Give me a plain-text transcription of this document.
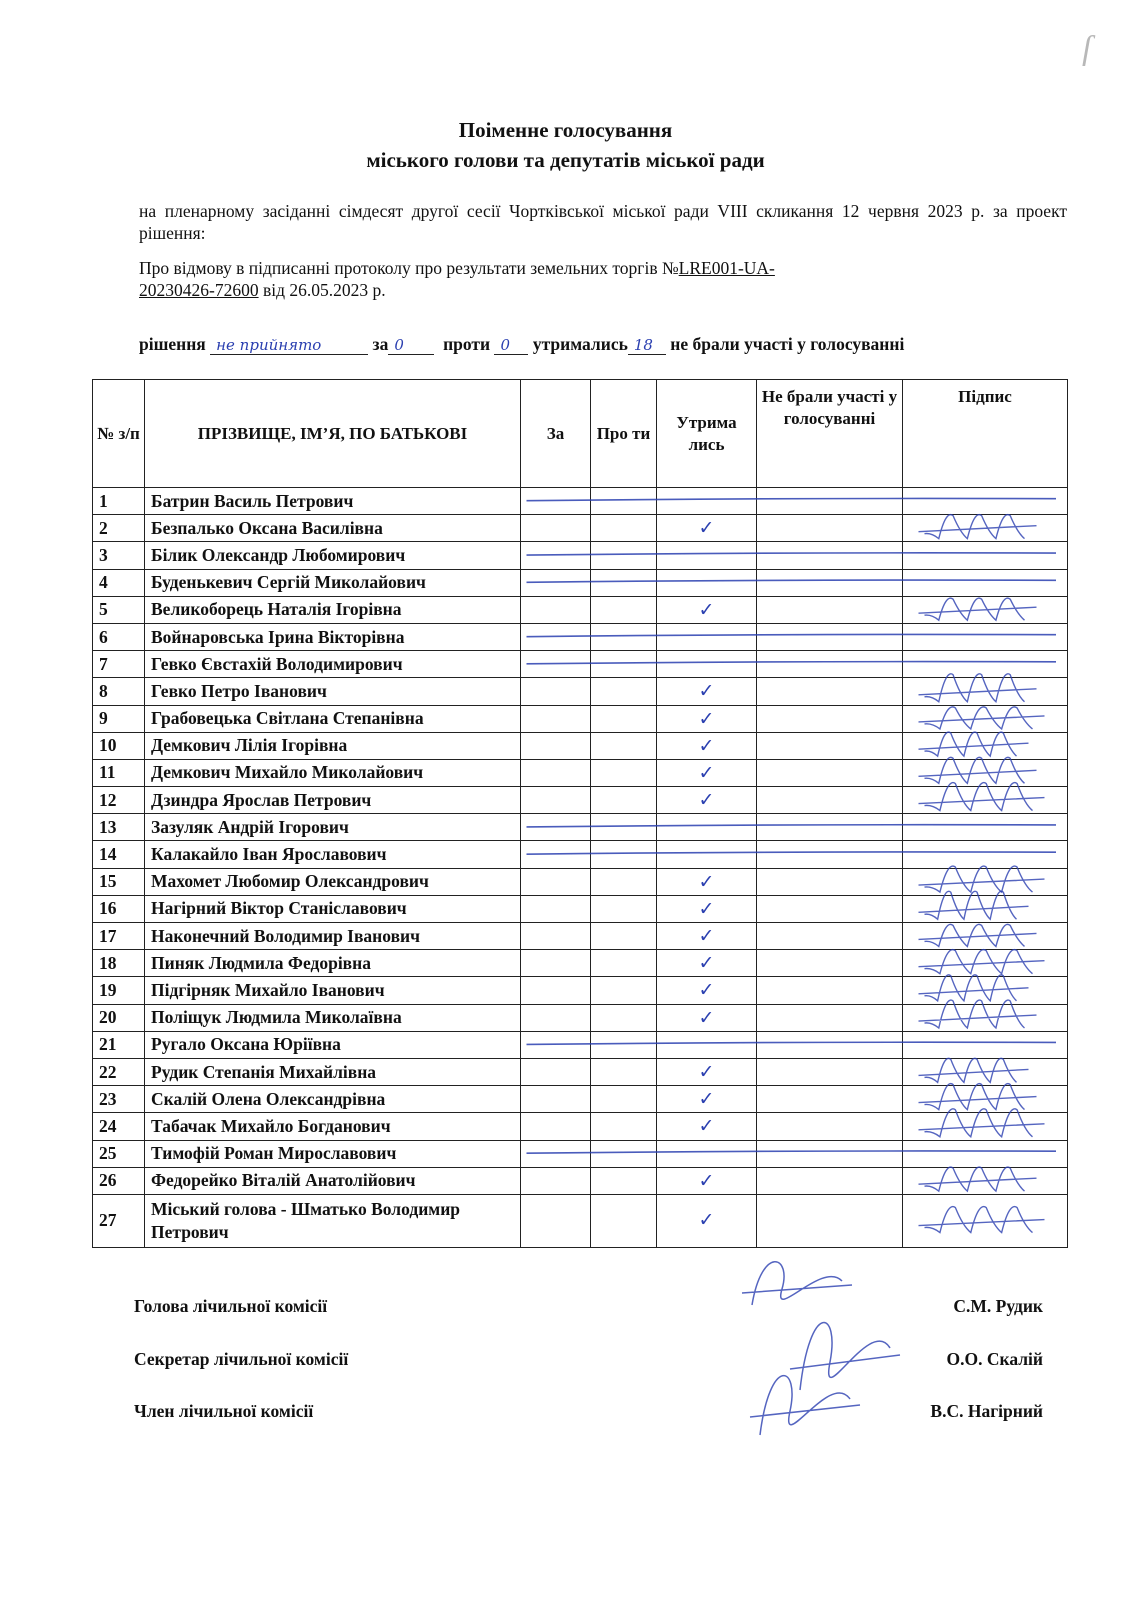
ſ
Поіменне голосування
міського голови та депутатів міської ради
на пленарному засіданні сімдесят другої сесії Чортківської міської ради VIII скликання 12 червня 2023 р. за проект рішення:
Про відмову в підписанні протоколу про результати земельних торгів №LRE001-UA-
20230426-72600 від 26.05.2023 р.
рішення не прийнято	за 0 проти 0 утримались 18 не брали участі у голосуванні
№ з/п	ПРІЗВИЩЕ, ІМ’Я, ПО БАТЬКОВІ	За	Про ти	Утрима лись	Не брали участі у голосуванні	Підпис
1	Батрин Василь Петрович					
2	Безпалько Оксана Василівна			✓		
3	Білик Олександр Любомирович					
4	Буденькевич Сергій Миколайович					
5	Великоборець Наталія Ігорівна			✓		
6	Войнаровська Ірина Вікторівна					
7	Гевко Євстахій Володимирович					
8	Гевко Петро Іванович			✓		
9	Грабовецька Світлана Степанівна			✓		
10	Демкович Лілія Ігорівна			✓		
11	Демкович Михайло Миколайович			✓		
12	Дзиндра Ярослав Петрович			✓		
13	Зазуляк Андрій Ігорович					
14	Калакайло Іван Ярославович					
15	Махомет Любомир Олександрович			✓		
16	Нагірний Віктор Станіславович			✓		
17	Наконечний Володимир Іванович			✓		
18	Пиняк Людмила Федорівна			✓		
19	Підгірняк Михайло Іванович			✓		
20	Поліщук Людмила Миколаївна			✓		
21	Ругало Оксана Юріївна					
22	Рудик Степанія Михайлівна			✓		
23	Скалій Олена Олександрівна			✓		
24	Табачак Михайло Богданович			✓		
25	Тимофій Роман Мирославович					
26	Федорейко Віталій Анатолійович			✓		
27	Міський голова - Шматько Володимир Петрович			✓		
Голова лічильної комісії	С.М. Рудик
Секретар лічильної комісії	О.О. Скалій
Член лічильної комісії	В.С. Нагірний
